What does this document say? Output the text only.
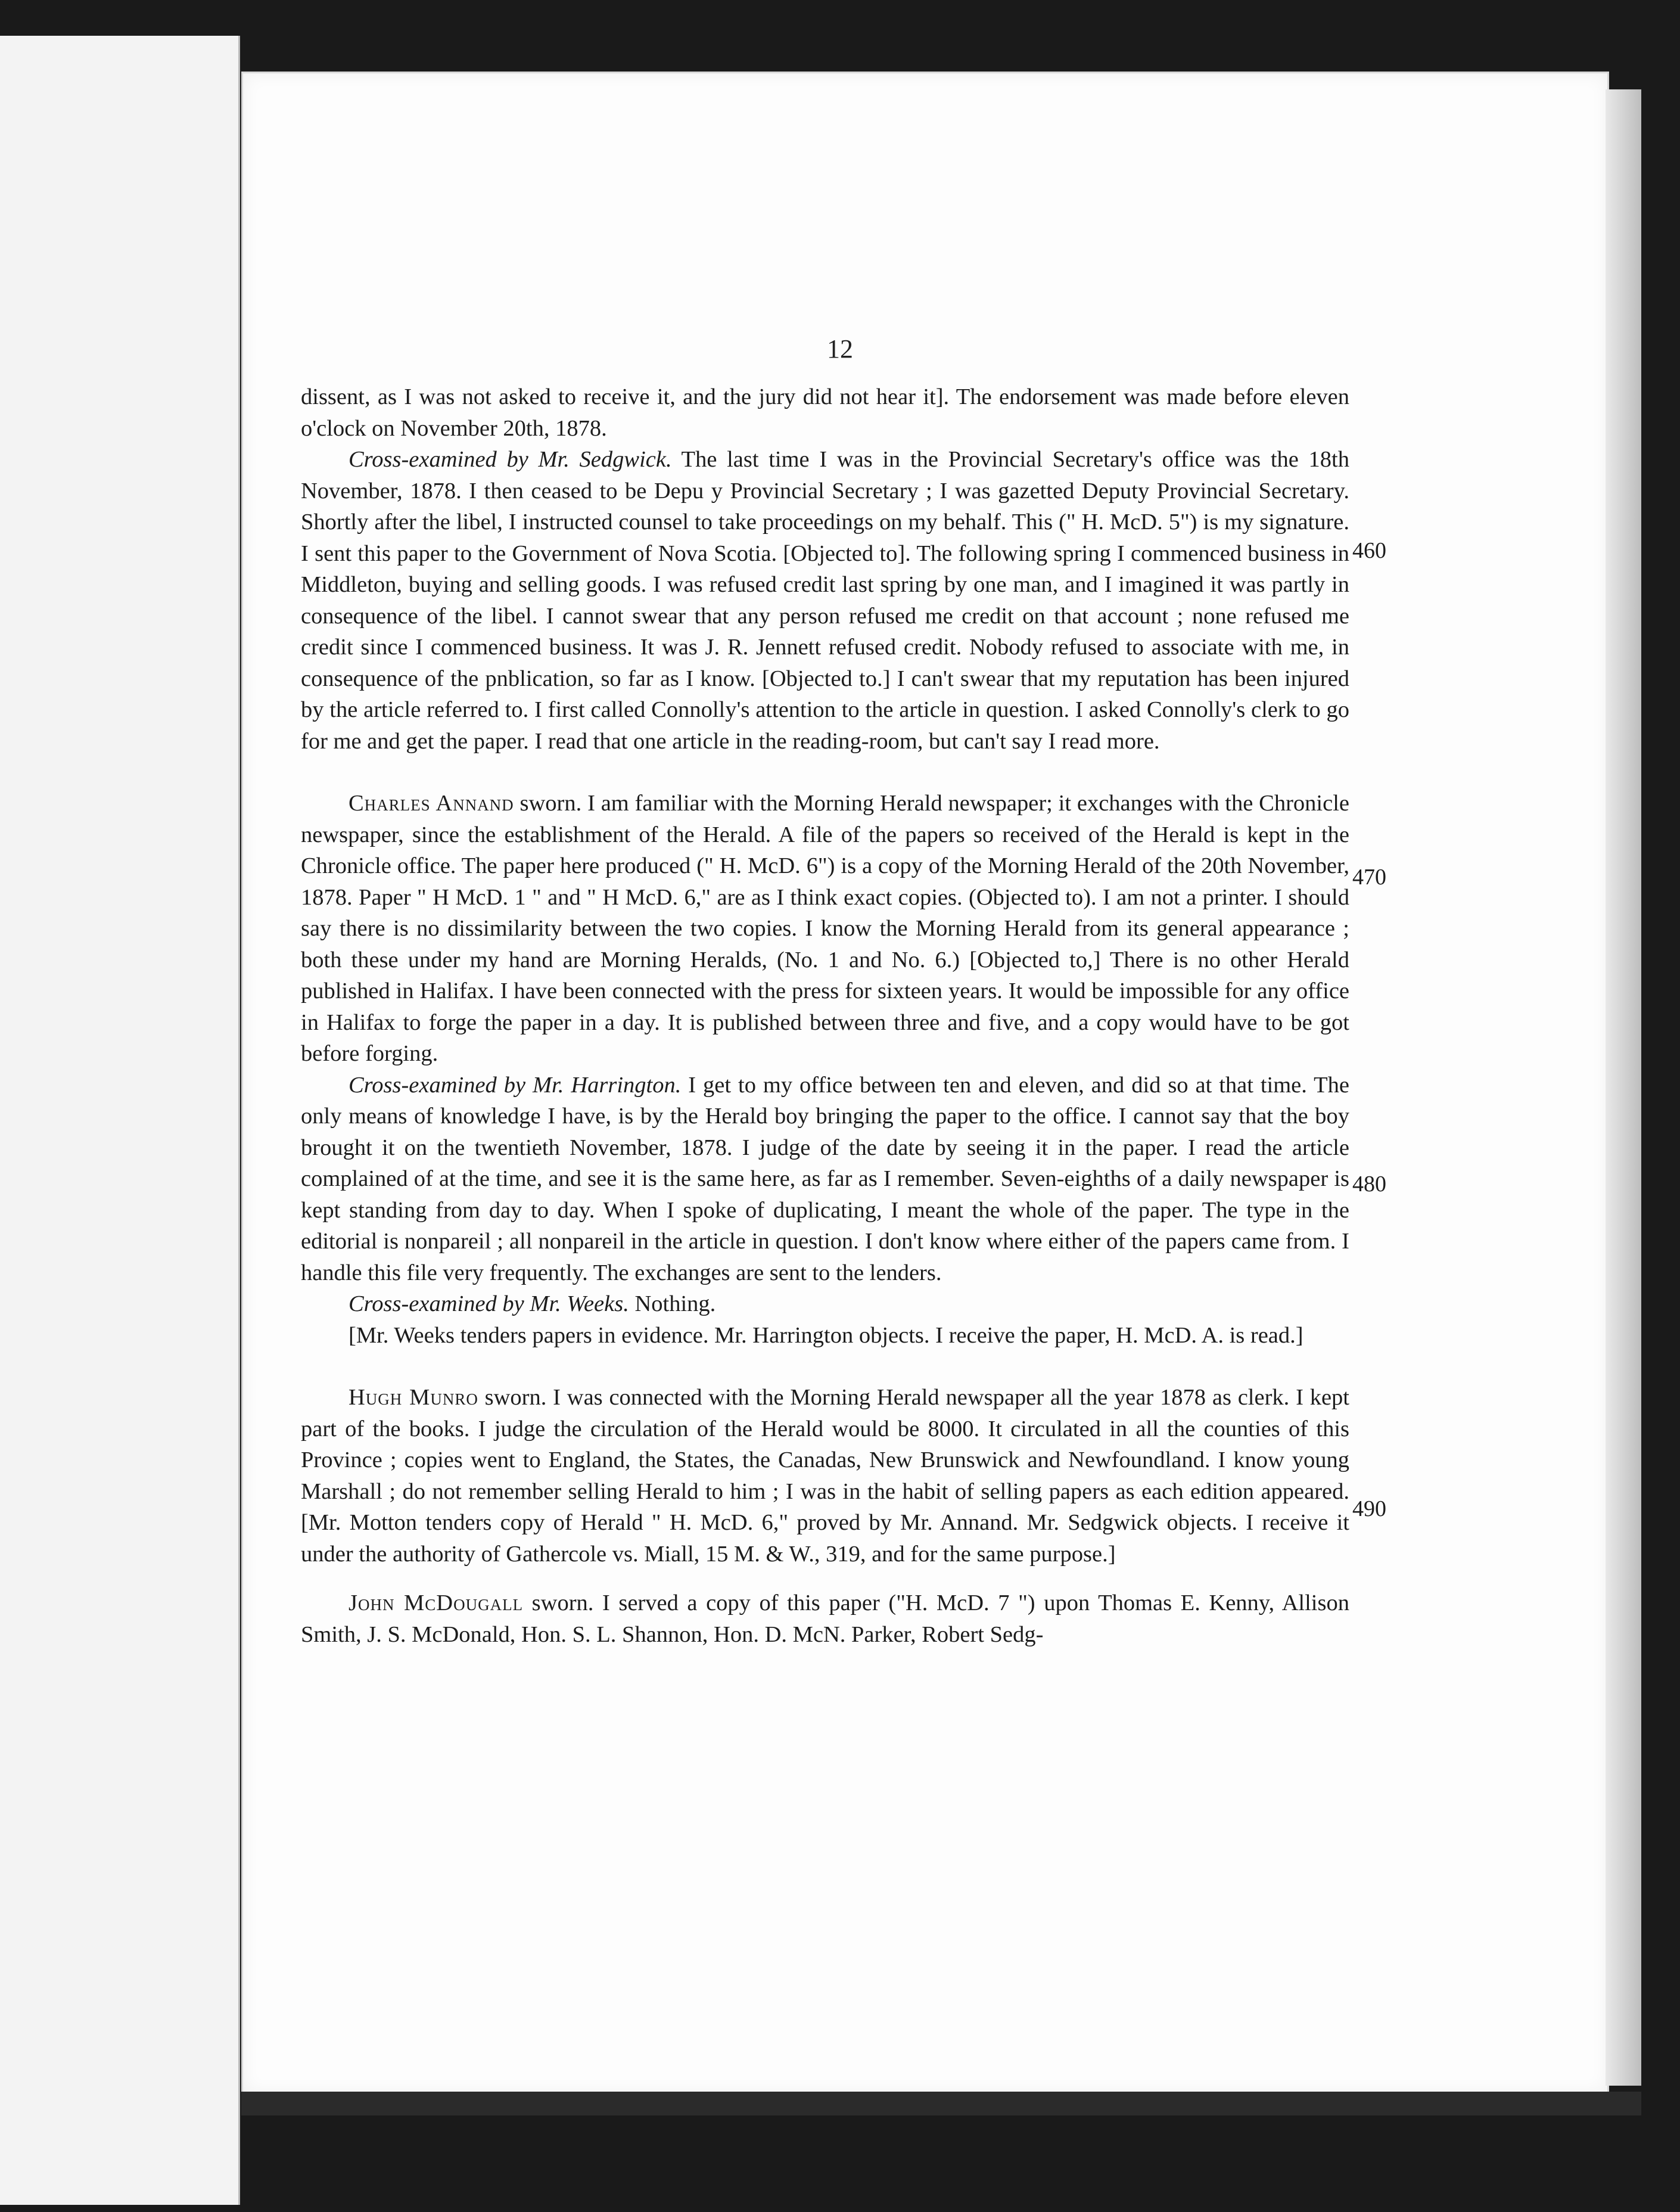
12

dissent, as I was not asked to receive it, and the jury did not hear it]. The endorsement was made before eleven o'clock on November 20th, 1878.

Cross-examined by Mr. Sedgwick. The last time I was in the Provincial Secretary's office was the 18th November, 1878. I then ceased to be Depu y Provincial Secretary ; I was gazetted Deputy Provincial Secretary. Shortly after the libel, I instructed counsel to take proceedings on my behalf. This (" H. McD. 5") is my signature. I sent this paper to the Government of Nova Scotia. [Objected to]. The following spring I commenced business in Middleton, buying and selling goods. I was refused credit last spring by one man, and I imagined it was partly in consequence of the libel. I cannot swear that any person refused me credit on that account ; none refused me credit since I commenced business. It was J. R. Jennett refused credit. Nobody refused to associate with me, in consequence of the pnblication, so far as I know. [Objected to.] I can't swear that my reputation has been injured by the article referred to. I first called Connolly's attention to the article in question. I asked Connolly's clerk to go for me and get the paper. I read that one article in the reading-room, but can't say I read more.

Charles Annand sworn. I am familiar with the Morning Herald newspaper; it exchanges with the Chronicle newspaper, since the establishment of the Herald. A file of the papers so received of the Herald is kept in the Chronicle office. The paper here produced (" H. McD. 6") is a copy of the Morning Herald of the 20th November, 1878. Paper " H McD. 1 " and " H McD. 6," are as I think exact copies. (Objected to). I am not a printer. I should say there is no dissimilarity between the two copies. I know the Morning Herald from its general appearance ; both these under my hand are Morning Heralds, (No. 1 and No. 6.) [Objected to,] There is no other Herald published in Halifax. I have been connected with the press for sixteen years. It would be impossible for any office in Halifax to forge the paper in a day. It is published between three and five, and a copy would have to be got before forging.

Cross-examined by Mr. Harrington. I get to my office between ten and eleven, and did so at that time. The only means of knowledge I have, is by the Herald boy bringing the paper to the office. I cannot say that the boy brought it on the twentieth November, 1878. I judge of the date by seeing it in the paper. I read the article complained of at the time, and see it is the same here, as far as I remember. Seven-eighths of a daily newspaper is kept standing from day to day. When I spoke of duplicating, I meant the whole of the paper. The type in the editorial is nonpareil ; all nonpareil in the article in question. I don't know where either of the papers came from. I handle this file very frequently. The exchanges are sent to the lenders.

Cross-examined by Mr. Weeks. Nothing.

[Mr. Weeks tenders papers in evidence. Mr. Harrington objects. I receive the paper, H. McD. A. is read.]

Hugh Munro sworn. I was connected with the Morning Herald newspaper all the year 1878 as clerk. I kept part of the books. I judge the circulation of the Herald would be 8000. It circulated in all the counties of this Province ; copies went to England, the States, the Canadas, New Brunswick and Newfoundland. I know young Marshall ; do not remember selling Herald to him ; I was in the habit of selling papers as each edition appeared. [Mr. Motton tenders copy of Herald " H. McD. 6," proved by Mr. Annand. Mr. Sedgwick objects. I receive it under the authority of Gathercole vs. Miall, 15 M. & W., 319, and for the same purpose.]

John McDougall sworn. I served a copy of this paper ("H. McD. 7 ") upon Thomas E. Kenny, Allison Smith, J. S. McDonald, Hon. S. L. Shannon, Hon. D. McN. Parker, Robert Sedg-

460
470
480
490
